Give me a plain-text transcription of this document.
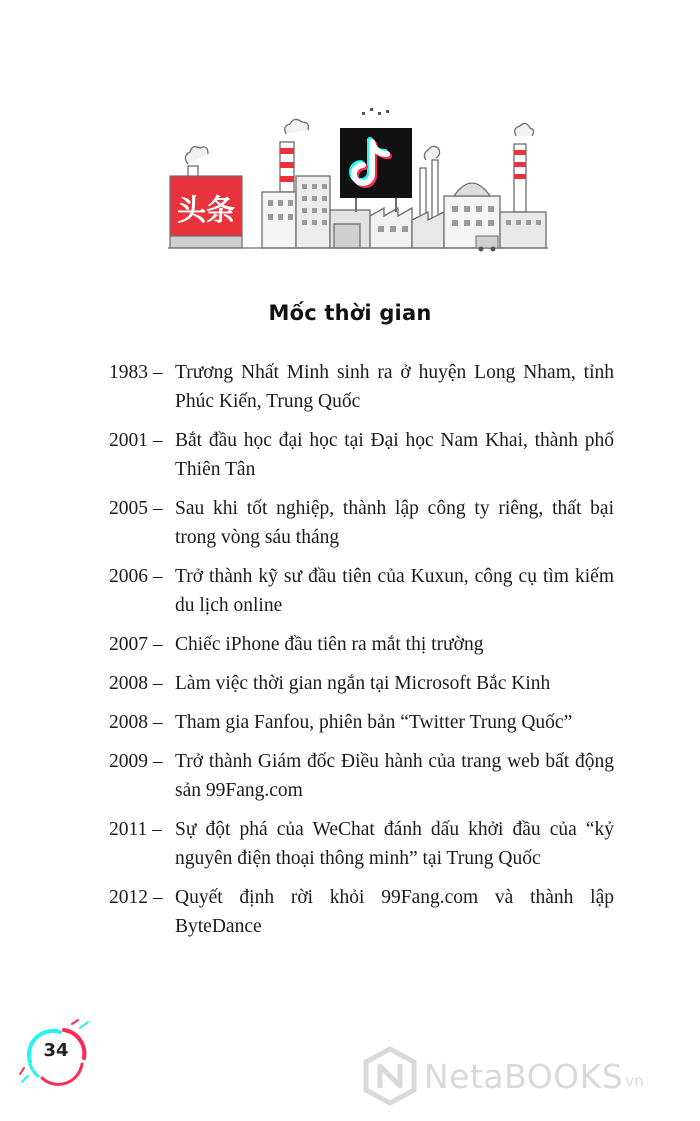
头条
Mốc thời gian
1983 – Trương Nhất Minh sinh ra ở huyện Long Nham, tỉnh Phúc Kiến, Trung Quốc
2001 – Bắt đầu học đại học tại Đại học Nam Khai, thành phố Thiên Tân
2005 – Sau khi tốt nghiệp, thành lập công ty riêng, thất bại trong vòng sáu tháng
2006 – Trở thành kỹ sư đầu tiên của Kuxun, công cụ tìm kiếm du lịch online
2007 – Chiếc iPhone đầu tiên ra mắt thị trường
2008 – Làm việc thời gian ngắn tại Microsoft Bắc Kinh
2008 – Tham gia Fanfou, phiên bản “Twitter Trung Quốc”
2009 – Trở thành Giám đốc Điều hành của trang web bất động sản 99Fang.com
2011 – Sự đột phá của WeChat đánh dấu khởi đầu của “kỷ nguyên điện thoại thông minh” tại Trung Quốc
2012 – Quyết định rời khỏi 99Fang.com và thành lập ByteDance
34
NetaBOOKS vn
